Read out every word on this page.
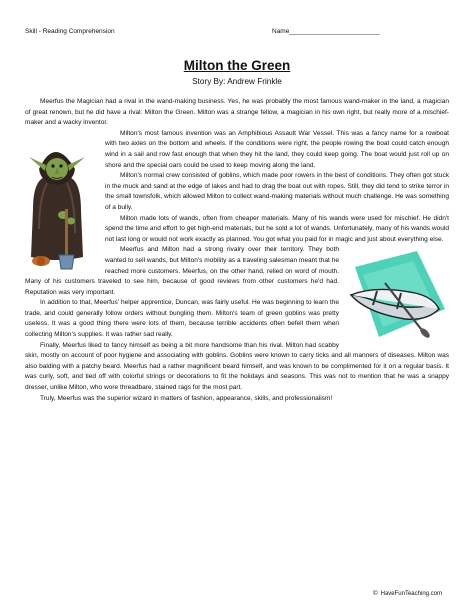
Skill - Reading Comprehension	Name_________________________
Milton the Green
Story By: Andrew Frinkle

Meerfus the Magician had a rival in the wand-making business. Yes, he was probably the most famous wand-maker in the land, a magician of great renown, but he did have a rival: Milton the Green. Milton was a strange fellow, a magician in his own right, but really more of a mischief-maker and a wacky inventor.

Milton's most famous invention was an Amphibious Assault War Vessel. This was a fancy name for a rowboat with two axles on the bottom and wheels. If the conditions were right, the people rowing the boat could catch enough wind in a sail and row fast enough that when they hit the land, they could keep going. The boat would just roll up on shore and the special oars could be used to keep moving along the land.

Milton's normal crew consisted of goblins, which made poor rowers in the best of conditions. They often got stuck in the muck and sand at the edge of lakes and had to drag the boat out with ropes. Still, they did tend to strike terror in the small townsfolk, which allowed Milton to collect wand-making materials without much challenge. He was something of a bully.

Milton made lots of wands, often from cheaper materials. Many of his wands were used for mischief. He didn't spend the time and effort to get high-end materials, but he sold a lot of wands. Unfortunately, many of his wands would not last long or would not work exactly as planned. You got what you paid for in magic and just about everything else.

Meerfus and Milton had a strong rivalry over their territory. They both wanted to sell wands, but Milton's mobility as a traveling salesman meant that he reached more customers. Meerfus, on the other hand, relied on word of mouth. Many of his customers traveled to see him, because of good reviews from other customers he'd had. Reputation was very important.

In addition to that, Meerfus' helper apprentice, Duncan, was fairly useful. He was beginning to learn the trade, and could generally follow orders without bungling them. Milton's team of green goblins was pretty useless. It was a good thing there were lots of them, because terrible accidents often befell them when collecting Milton's supplies. It was rather sad really.

Finally, Meerfus liked to fancy himself as being a bit more handsome than his rival. Milton had scabby skin, mostly on account of poor hygiene and associating with goblins. Goblins were known to carry ticks and all manners of diseases. Milton was also balding with a patchy beard. Meerfus had a rather magnificent beard himself, and was known to be complimented for it on a regular basis. It was curly, soft, and tied off with colorful strings or decorations to fit the holidays and seasons. This was not to mention that he was a snappy dresser, unlike Milton, who wore threadbare, stained rags for the most part.

Truly, Meerfus was the superior wizard in matters of fashion, appearance, skills, and professionalism!

© HaveFunTeaching.com
